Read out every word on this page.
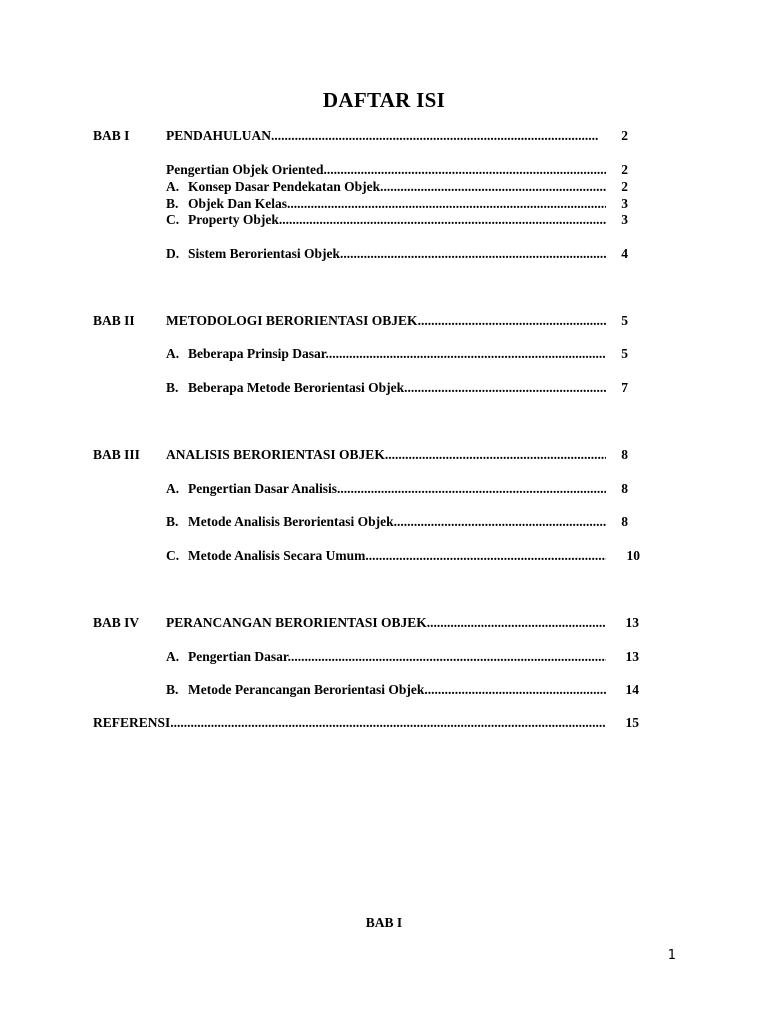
DAFTAR ISI
BAB I	PENDAHULUAN .....	2
Pengertian Objek Oriented .....	2
A. Konsep Dasar Pendekatan Objek .....	2
B. Objek Dan Kelas .....	3
C. Property Objek .....	3
D. Sistem Berorientasi Objek .....	4
BAB II METODOLOGI BERORIENTASI OBJEK .....	5
A. Beberapa Prinsip Dasar .....	5
B. Beberapa Metode Berorientasi Objek .....	7
BAB III ANALISIS BERORIENTASI OBJEK .....	8
A. Pengertian Dasar Analisis .....	8
B. Metode Analisis Berorientasi Objek .....	8
C. Metode Analisis Secara Umum .....	10
BAB IV PERANCANGAN BERORIENTASI OBJEK .....	13
A. Pengertian Dasar .....	13
B. Metode Perancangan Berorientasi Objek .....	14
REFERENSI .....	15
BAB I
1
